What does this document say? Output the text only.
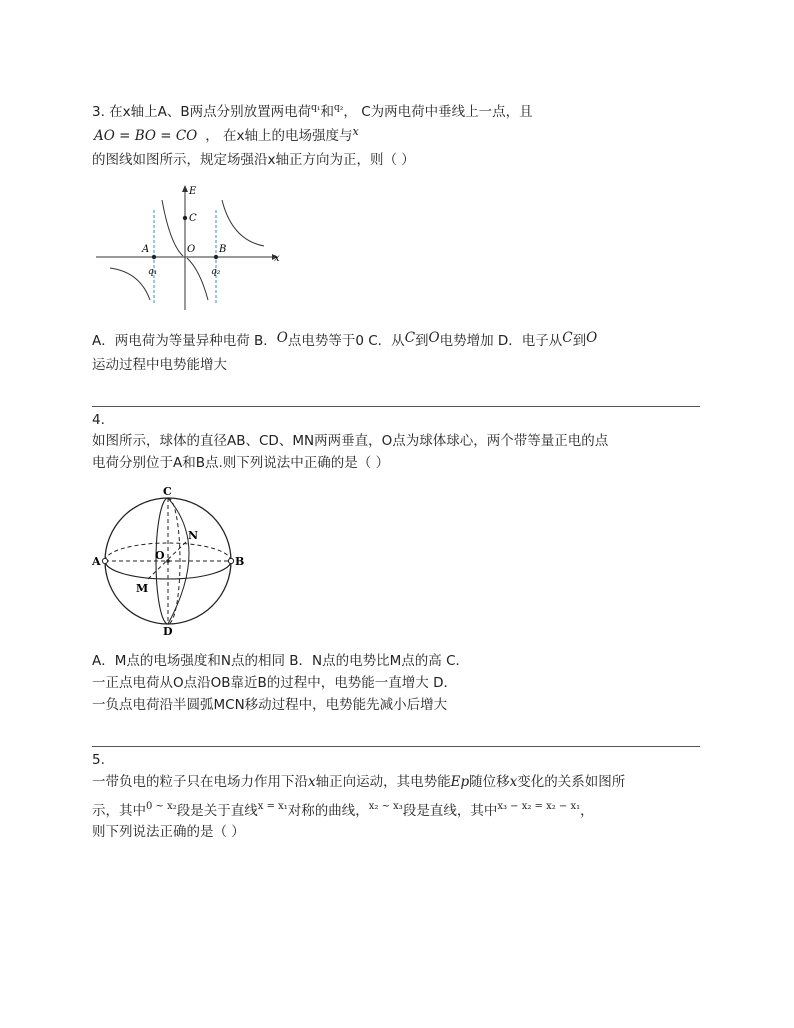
3. 在x轴上A、B两点分别放置两电荷$^{q_1}$和$^{q_2}$， C为两电荷中垂线上一点，且
AO = BO = CO ， 在x轴上的电场强度与$^x$
的图线如图所示，规定场强沿x轴正方向为正，则（ ）
E
x
A	O B
C
q₁	q₂
A．两电荷为等量异种电荷 B．O点电势等于0 C．从C到O电势增加 D．电子从C到O
运动过程中电势能增大
4.
如图所示，球体的直径AB、CD、MN两两垂直，O点为球体球心，两个带等量正电的点
电荷分别位于A和B点.则下列说法中正确的是（ ）
C
D
A	B
N
M
O
A．M点的电场强度和N点的相同 B．N点的电势比M点的高 C．
一正点电荷从O点沿OB靠近B的过程中，电势能一直增大 D．
一负点电荷沿半圆弧MCN移动过程中，电势能先减小后增大
5.
一带负电的粒子只在电场力作用下沿x轴正向运动，其电势能Ep随位移x变化的关系如图所
示，其中$^{0 \sim x_2}$段是关于直线$^{x = x_1}$对称的曲线，$^{x_2 \sim x_3}$段是直线，其中$^{x_3 - x_2 = x_2 - x_1}$，
则下列说法正确的是（ ）
